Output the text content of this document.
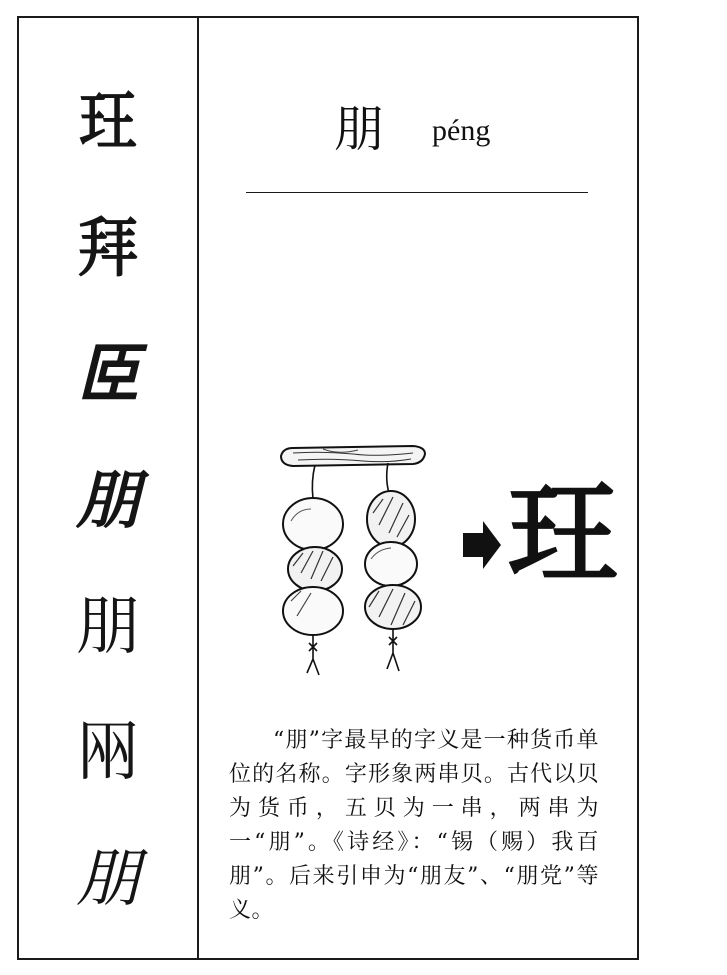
玨
拜
𦣞
朋
朋
㒳
朋
朋 péng

“朋”字最早的字义是一种货币单位的名称。字形象两串贝。古代以贝为货币，五贝为一串，两串为一“朋”。《诗经》：“锡（赐）我百朋”。后来引申为“朋友”、“朋党”等义。

玨
